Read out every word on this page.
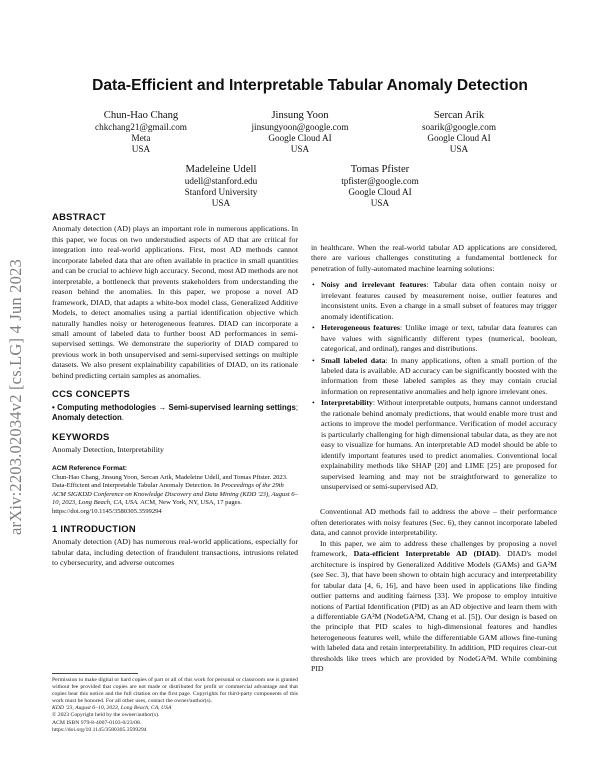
arXiv:2203.02034v2 [cs.LG] 4 Jun 2023
Data-Efficient and Interpretable Tabular Anomaly Detection
Chun-Hao Chang
chkchang21@gmail.com
Meta
USA
Jinsung Yoon
jinsungyoon@google.com
Google Cloud AI
USA
Sercan Arik
soarik@google.com
Google Cloud AI
USA
Madeleine Udell
udell@stanford.edu
Stanford University
USA
Tomas Pfister
tpfister@google.com
Google Cloud AI
USA
ABSTRACT

Anomaly detection (AD) plays an important role in numerous applications. In this paper, we focus on two understudied aspects of AD that are critical for integration into real-world applications. First, most AD methods cannot incorporate labeled data that are often available in practice in small quantities and can be crucial to achieve high accuracy. Second, most AD methods are not interpretable, a bottleneck that prevents stakeholders from understanding the reason behind the anomalies. In this paper, we propose a novel AD framework, DIAD, that adapts a white-box model class, Generalized Additive Models, to detect anomalies using a partial identification objective which naturally handles noisy or heterogeneous features. DIAD can incorporate a small amount of labeled data to further boost AD performances in semi-supervised settings. We demonstrate the superiority of DIAD compared to previous work in both unsupervised and semi-supervised settings on multiple datasets. We also present explainability capabilities of DIAD, on its rationale behind predicting certain samples as anomalies.

CCS CONCEPTS

• Computing methodologies → Semi-supervised learning settings; Anomaly detection.

KEYWORDS

Anomaly Detection, Interpretability

ACM Reference Format:

Chun-Hao Chang, Jinsung Yoon, Sercan Arik, Madeleine Udell, and Tomas Pfister. 2023. Data-Efficient and Interpretable Tabular Anomaly Detection. In Proceedings of the 29th ACM SIGKDD Conference on Knowledge Discovery and Data Mining (KDD '23), August 6–10, 2023, Long Beach, CA, USA. ACM, New York, NY, USA, 17 pages. https://doi.org/10.1145/3580305.3599294

1 INTRODUCTION

Anomaly detection (AD) has numerous real-world applications, especially for tabular data, including detection of fraudulent transactions, intrusions related to cybersecurity, and adverse outcomes

Permission to make digital or hard copies of part or all of this work for personal or classroom use is granted without fee provided that copies are not made or distributed for profit or commercial advantage and that copies bear this notice and the full citation on the first page. Copyrights for third-party components of this work must be honored. For all other uses, contact the owner/author(s).
KDD '23, August 6–10, 2023, Long Beach, CA, USA
© 2023 Copyright held by the owner/author(s).
ACM ISBN 979-8-4007-0103-0/23/08.
https://doi.org/10.1145/3580305.3599294

in healthcare. When the real-world tabular AD applications are considered, there are various challenges constituting a fundamental bottleneck for penetration of fully-automated machine learning solutions:

• Noisy and irrelevant features: Tabular data often contain noisy or irrelevant features caused by measurement noise, outlier features and inconsistent units. Even a change in a small subset of features may trigger anomaly identification.
• Heterogeneous features: Unlike image or text, tabular data features can have values with significantly different types (numerical, boolean, categorical, and ordinal), ranges and distributions.
• Small labeled data: In many applications, often a small portion of the labeled data is available. AD accuracy can be significantly boosted with the information from these labeled samples as they may contain crucial information on representative anomalies and help ignore irrelevant ones.
• Interpretability: Without interpretable outputs, humans cannot understand the rationale behind anomaly predictions, that would enable more trust and actions to improve the model performance. Verification of model accuracy is particularly challenging for high dimensional tabular data, as they are not easy to visualize for humans. An interpretable AD model should be able to identify important features used to predict anomalies. Conventional local explainability methods like SHAP [20] and LIME [25] are proposed for supervised learning and may not be straightforward to generalize to unsupervised or semi-supervised AD.

Conventional AD methods fail to address the above – their performance often deteriorates with noisy features (Sec. 6), they cannot incorporate labeled data, and cannot provide interpretability.

In this paper, we aim to address these challenges by proposing a novel framework, Data-efficient Interpretable AD (DIAD). DIAD's model architecture is inspired by Generalized Additive Models (GAMs) and GA²M (see Sec. 3), that have been shown to obtain high accuracy and interpretability for tabular data [4, 6, 16], and have been used in applications like finding outlier patterns and auditing fairness [33]. We propose to employ intuitive notions of Partial Identification (PID) as an AD objective and learn them with a differentiable GA²M (NodeGA²M, Chang et al. [5]). Our design is based on the principle that PID scales to high-dimensional features and handles heterogeneous features well, while the differentiable GAM allows fine-tuning with labeled data and retain interpretability. In addition, PID requires clear-cut thresholds like trees which are provided by NodeGA²M. While combining PID
